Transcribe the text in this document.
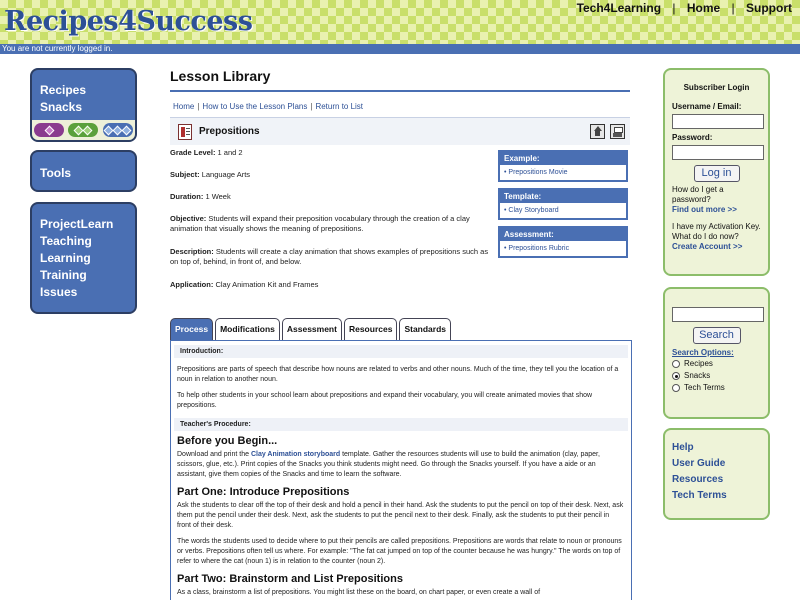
Recipes4Success	Tech4Learning | Home | Support
You are not currently logged in.
Recipes
Snacks
Tools
ProjectLearn
Teaching
Learning
Training
Issues
Lesson Library
Home | How to Use the Lesson Plans | Return to List
Prepositions
Grade Level: 1 and 2
Subject: Language Arts
Duration: 1 Week
Objective: Students will expand their preposition vocabulary through the creation of a clay animation that visually shows the meaning of prepositions.
Description: Students will create a clay animation that shows examples of prepositions such as on top of, behind, in front of, and below.
Application: Clay Animation Kit and Frames
Example:
• Prepositions Movie
Template:
• Clay Storyboard
Assessment:
• Prepositions Rubric
Process	Modifications	Assessment	Resources	Standards
Introduction:
Prepositions are parts of speech that describe how nouns are related to verbs and other nouns. Much of the time, they tell you the location of a noun in relation to another noun.
To help other students in your school learn about prepositions and expand their vocabulary, you will create animated movies that show prepositions.
Teacher's Procedure:
Before you Begin...
Download and print the Clay Animation storyboard template. Gather the resources students will use to build the animation (clay, paper, scissors, glue, etc.). Print copies of the Snacks you think students might need. Go through the Snacks yourself. If you have a aide or an assistant, give them copies of the Snacks and time to learn the software.
Part One: Introduce Prepositions
Ask the students to clear off the top of their desk and hold a pencil in their hand. Ask the students to put the pencil on top of their desk. Next, ask them put the pencil under their desk. Next, ask the students to put the pencil next to their desk. Finally, ask the students to put their pencil in front of their desk.
The words the students used to decide where to put their pencils are called prepositions. Prepositions are words that relate to noun or pronouns or verbs. Prepositions often tell us where. For example: "The fat cat jumped on top of the counter because he was hungry." The words on top of refer to where the cat (noun 1) is in relation to the counter (noun 2).
Part Two: Brainstorm and List Prepositions
As a class, brainstorm a list of prepositions. You might list these on the board, on chart paper, or even create a wall of
Subscriber Login
Username / Email:
Password:
Log in
How do I get a password?
Find out more >>
I have my Activation Key. What do I do now?
Create Account >>
Search
Search Options:
Recipes
Snacks
Tech Terms
Help
User Guide
Resources
Tech Terms
